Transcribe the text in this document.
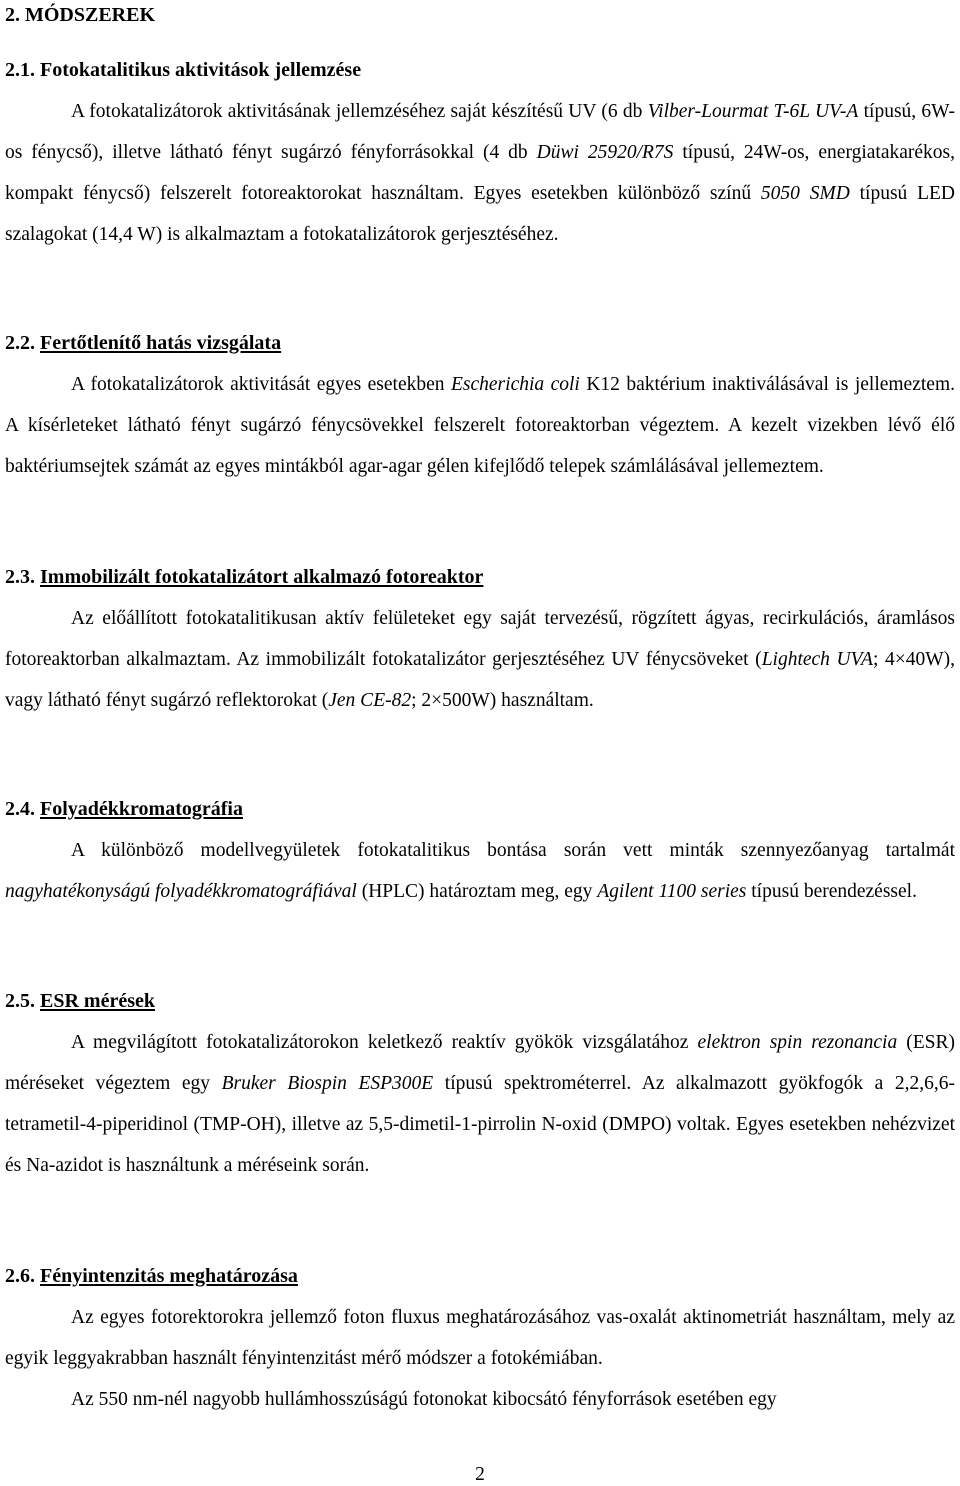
2. MÓDSZEREK
2.1. Fotokatalitikus aktivitások jellemzése

A fotokatalizátorok aktivitásának jellemzéséhez saját készítésű UV (6 db Vilber-Lourmat T-6L UV-A típusú, 6W-os fénycső), illetve látható fényt sugárzó fényforrásokkal (4 db Düwi 25920/R7S típusú, 24W-os, energiatakarékos, kompakt fénycső) felszerelt fotoreaktorokat használtam. Egyes esetekben különböző színű 5050 SMD típusú LED szalagokat (14,4 W) is alkalmaztam a fotokatalizátorok gerjesztéséhez.

2.2. Fertőtlenítő hatás vizsgálata

A fotokatalizátorok aktivitását egyes esetekben Escherichia coli K12 baktérium inaktiválásával is jellemeztem. A kísérleteket látható fényt sugárzó fénycsövekkel felszerelt fotoreaktorban végeztem. A kezelt vizekben lévő élő baktériumsejtek számát az egyes mintákból agar-agar gélen kifejlődő telepek számlálásával jellemeztem.

2.3. Immobilizált fotokatalizátort alkalmazó fotoreaktor

Az előállított fotokatalitikusan aktív felületeket egy saját tervezésű, rögzített ágyas, recirkulációs, áramlásos fotoreaktorban alkalmaztam. Az immobilizált fotokatalizátor gerjesztéséhez UV fénycsöveket (Lightech UVA; 4×40W), vagy látható fényt sugárzó reflektorokat (Jen CE-82; 2×500W) használtam.

2.4. Folyadékkromatográfia

A különböző modellvegyületek fotokatalitikus bontása során vett minták szennyezőanyag tartalmát nagyhatékonyságú folyadékkromatográfiával (HPLC) határoztam meg, egy Agilent 1100 series típusú berendezéssel.

2.5. ESR mérések

A megvilágított fotokatalizátorokon keletkező reaktív gyökök vizsgálatához elektron spin rezonancia (ESR) méréseket végeztem egy Bruker Biospin ESP300E típusú spektrométerrel. Az alkalmazott gyökfogók a 2,2,6,6-tetrametil-4-piperidinol (TMP-OH), illetve az 5,5-dimetil-1-pirrolin N-oxid (DMPO) voltak. Egyes esetekben nehézvizet és Na-azidot is használtunk a méréseink során.

2.6. Fényintenzitás meghatározása

Az egyes fotorektorokra jellemző foton fluxus meghatározásához vas-oxalát aktinometriát használtam, mely az egyik leggyakrabban használt fényintenzitást mérő módszer a fotokémiában.

Az 550 nm-nél nagyobb hullámhosszúságú fotonokat kibocsátó fényforrások esetében egy

2
